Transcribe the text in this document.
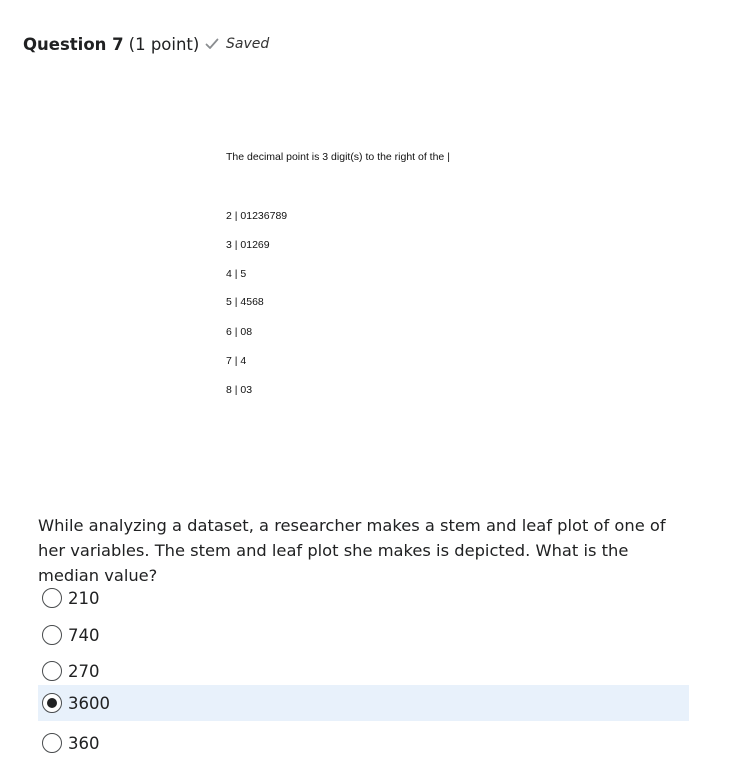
Question 7 (1 point) Saved
The decimal point is 3 digit(s) to the right of the |
2 | 01236789
3 | 01269
4 | 5
5 | 4568
6 | 08
7 | 4
8 | 03
While analyzing a dataset, a researcher makes a stem and leaf plot of one of her variables. The stem and leaf plot she makes is depicted. What is the median value?
210
740
270
3600
360
